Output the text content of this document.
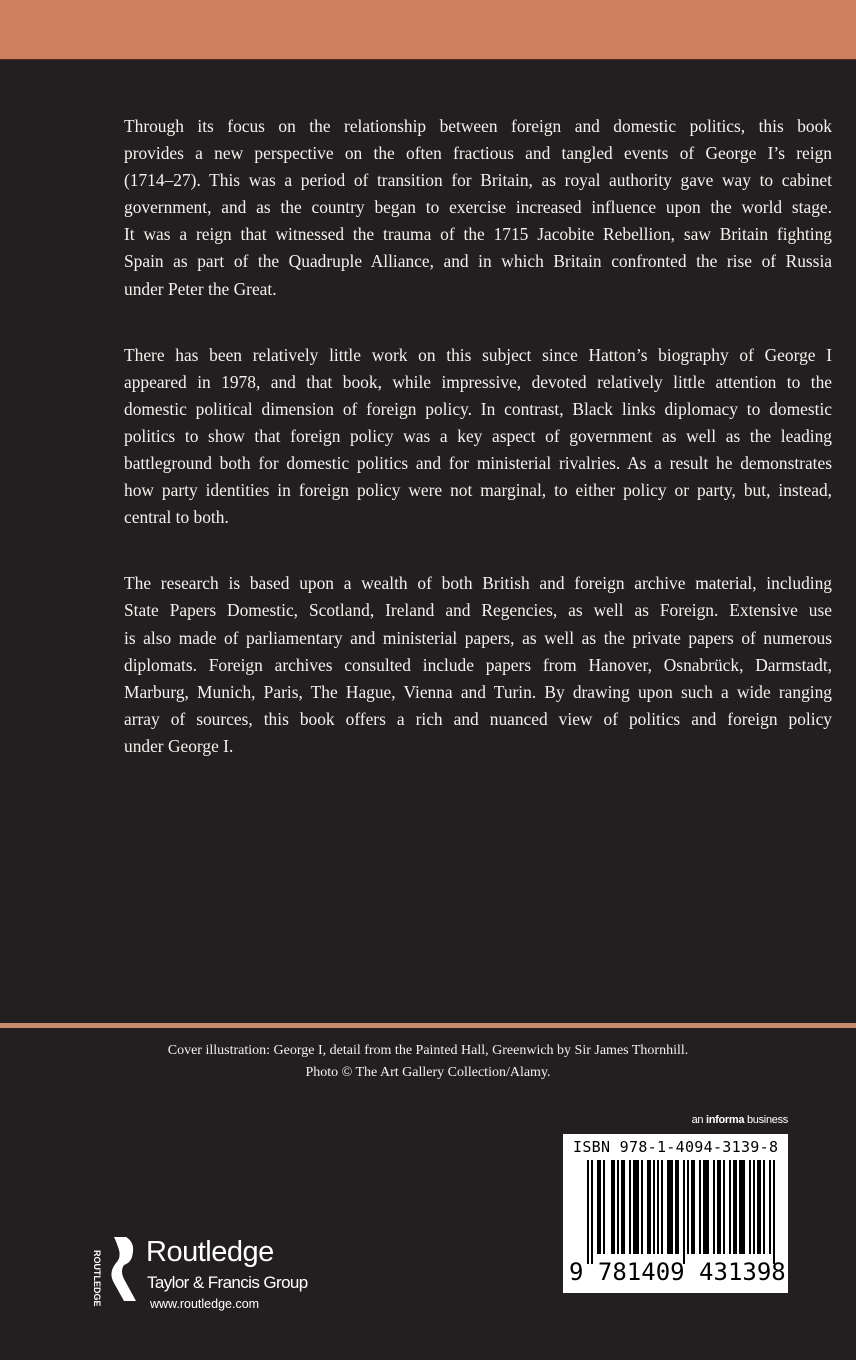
Through its focus on the relationship between foreign and domestic politics, this book
provides a new perspective on the often fractious and tangled events of George I’s reign
(1714–27). This was a period of transition for Britain, as royal authority gave way to cabinet
government, and as the country began to exercise increased influence upon the world stage.
It was a reign that witnessed the trauma of the 1715 Jacobite Rebellion, saw Britain fighting
Spain as part of the Quadruple Alliance, and in which Britain confronted the rise of Russia
under Peter the Great.
There has been relatively little work on this subject since Hatton’s biography of George I
appeared in 1978, and that book, while impressive, devoted relatively little attention to the
domestic political dimension of foreign policy. In contrast, Black links diplomacy to domestic
politics to show that foreign policy was a key aspect of government as well as the leading
battleground both for domestic politics and for ministerial rivalries. As a result he demonstrates
how party identities in foreign policy were not marginal, to either policy or party, but, instead,
central to both.
The research is based upon a wealth of both British and foreign archive material, including
State Papers Domestic, Scotland, Ireland and Regencies, as well as Foreign. Extensive use
is also made of parliamentary and ministerial papers, as well as the private papers of numerous
diplomats. Foreign archives consulted include papers from Hanover, Osnabrück, Darmstadt,
Marburg, Munich, Paris, The Hague, Vienna and Turin. By drawing upon such a wide ranging
array of sources, this book offers a rich and nuanced view of politics and foreign policy
under George I.
Cover illustration: George I, detail from the Painted Hall, Greenwich by Sir James Thornhill.
Photo © The Art Gallery Collection/Alamy.
an informa business
ISBN 978-1-4094-3139-8
9 781409 431398
ROUTLEDGE Routledge
Taylor & Francis Group
www.routledge.com
